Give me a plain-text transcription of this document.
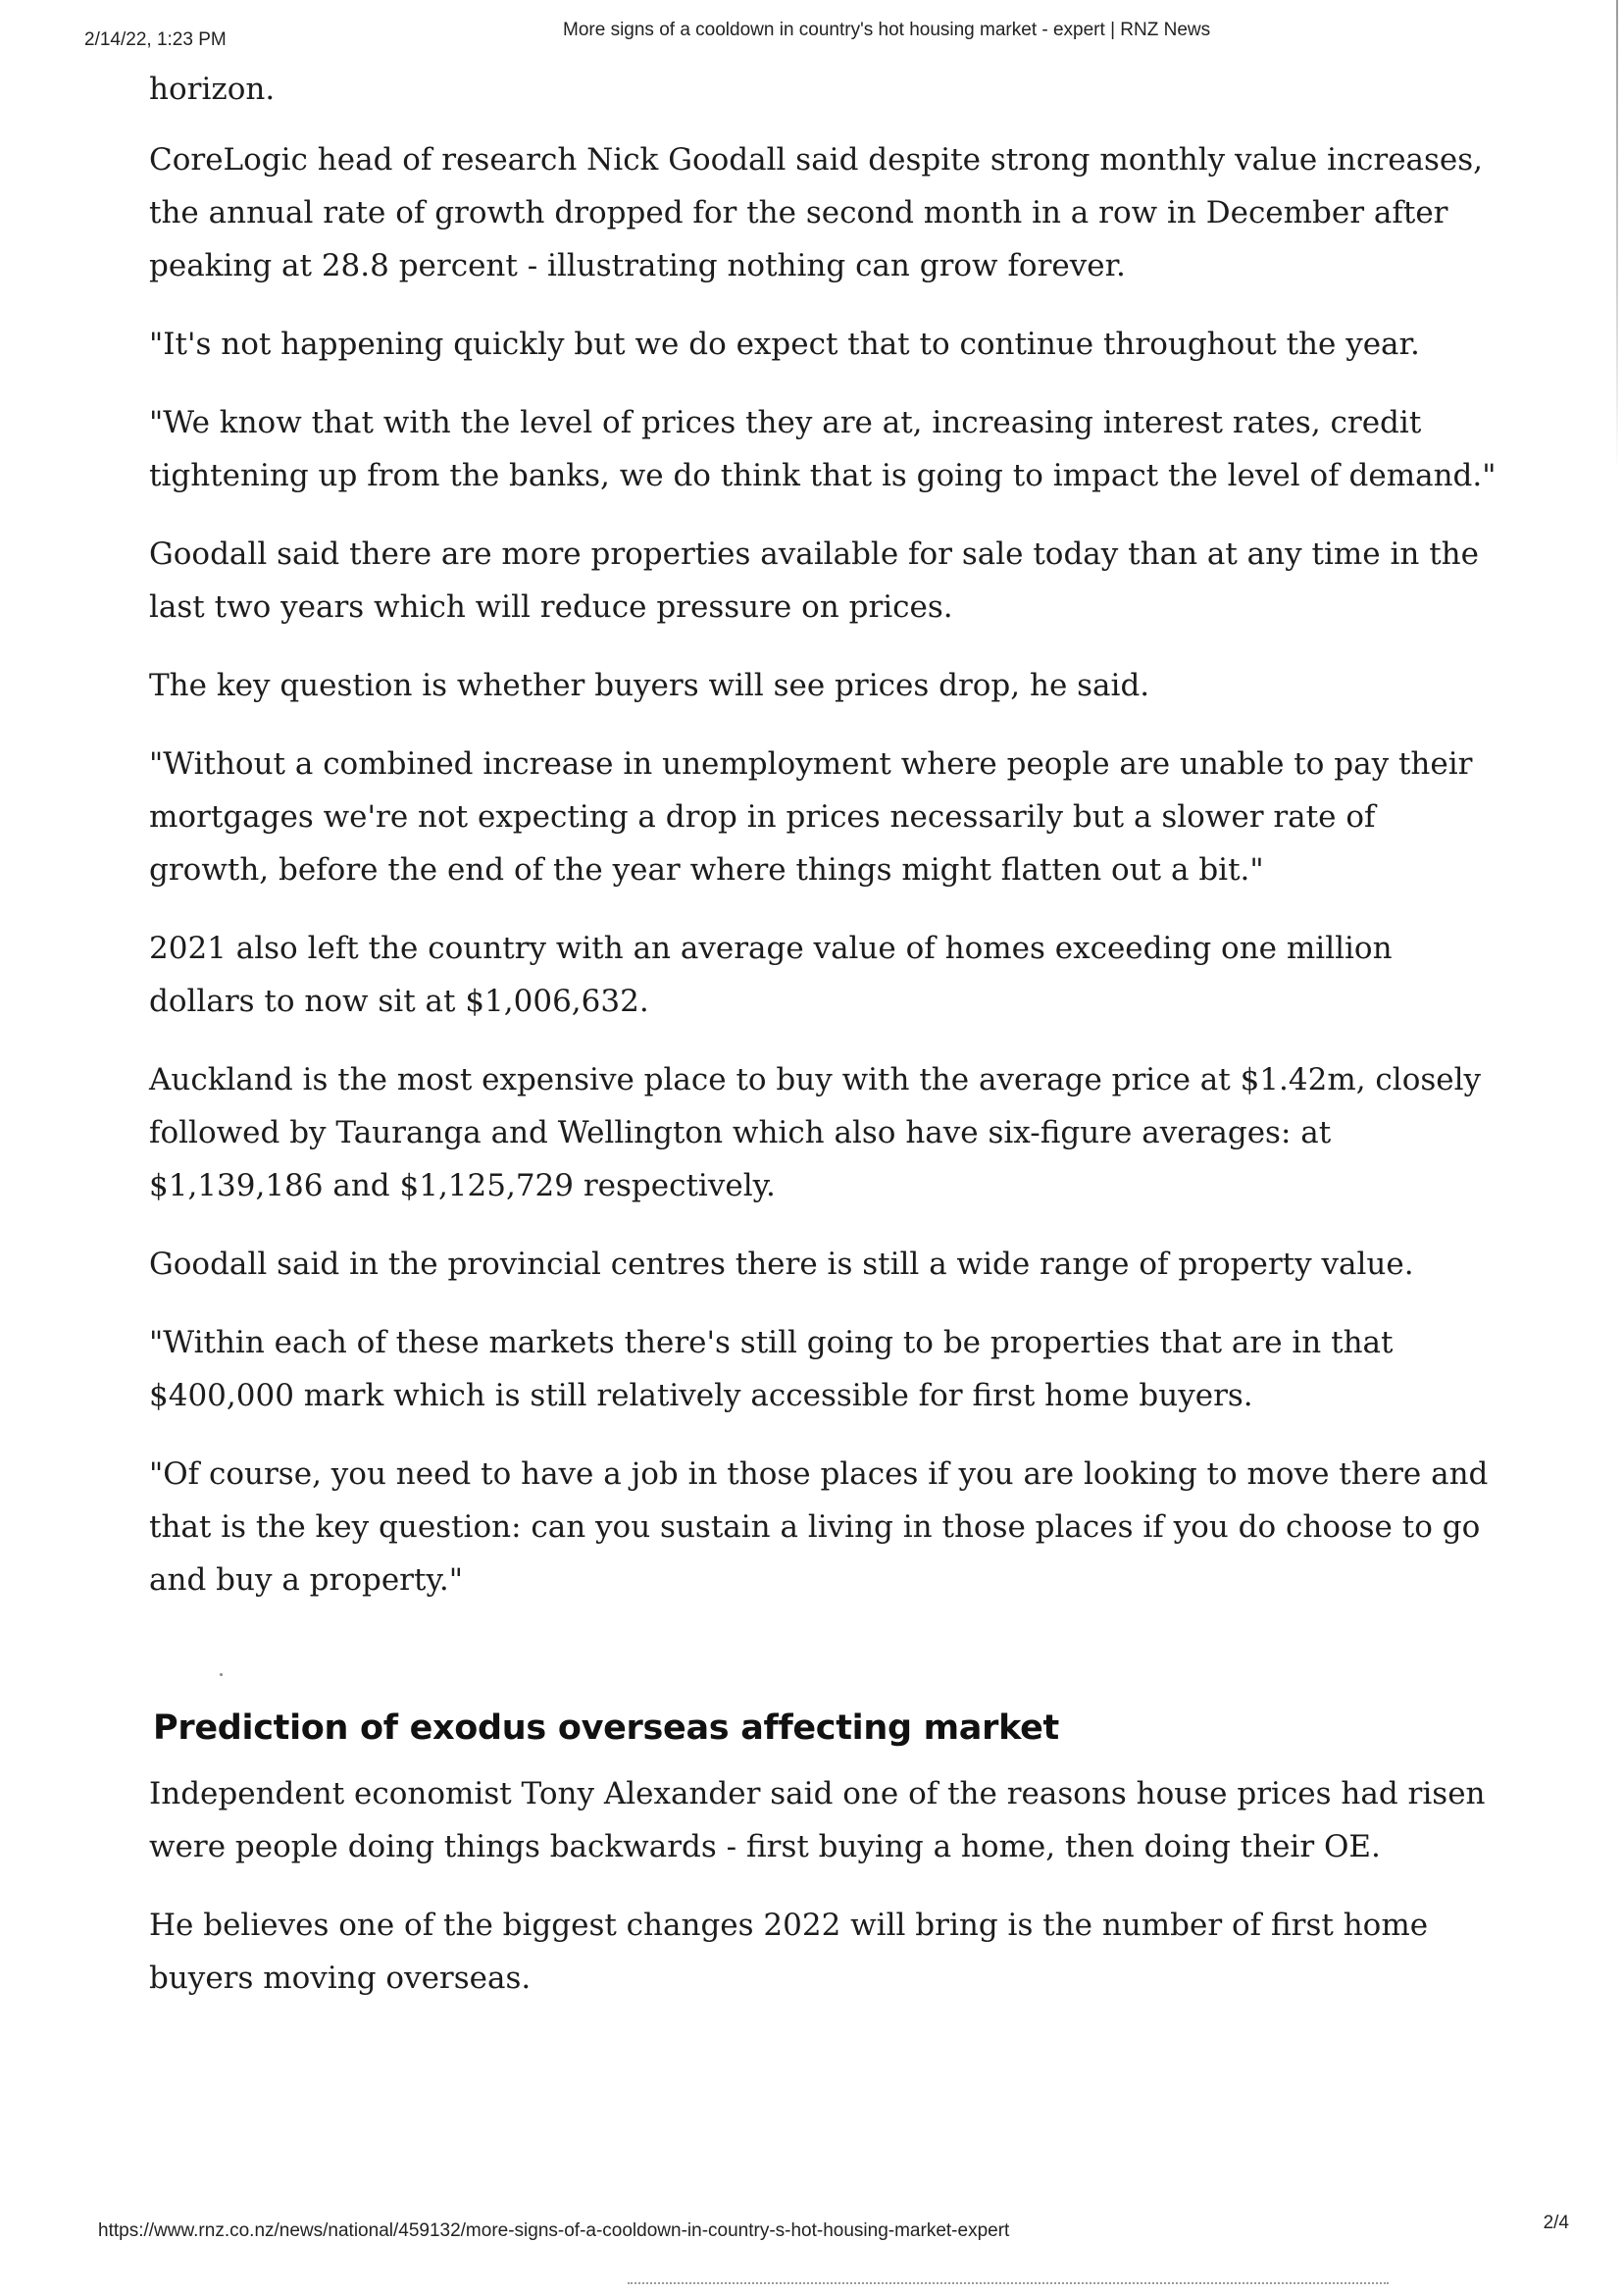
2/14/22, 1:23 PM	More signs of a cooldown in country's hot housing market - expert | RNZ News

horizon.

CoreLogic head of research Nick Goodall said despite strong monthly value increases, the annual rate of growth dropped for the second month in a row in December after peaking at 28.8 percent - illustrating nothing can grow forever.

"It's not happening quickly but we do expect that to continue throughout the year.

"We know that with the level of prices they are at, increasing interest rates, credit tightening up from the banks, we do think that is going to impact the level of demand."

Goodall said there are more properties available for sale today than at any time in the last two years which will reduce pressure on prices.

The key question is whether buyers will see prices drop, he said.

"Without a combined increase in unemployment where people are unable to pay their mortgages we're not expecting a drop in prices necessarily but a slower rate of growth, before the end of the year where things might flatten out a bit."

2021 also left the country with an average value of homes exceeding one million dollars to now sit at $1,006,632.

Auckland is the most expensive place to buy with the average price at $1.42m, closely followed by Tauranga and Wellington which also have six-figure averages: at $1,139,186 and $1,125,729 respectively.

Goodall said in the provincial centres there is still a wide range of property value.

"Within each of these markets there's still going to be properties that are in that $400,000 mark which is still relatively accessible for first home buyers.

"Of course, you need to have a job in those places if you are looking to move there and that is the key question: can you sustain a living in those places if you do choose to go and buy a property."

Prediction of exodus overseas affecting market

Independent economist Tony Alexander said one of the reasons house prices had risen were people doing things backwards - first buying a home, then doing their OE.

He believes one of the biggest changes 2022 will bring is the number of first home buyers moving overseas.

https://www.rnz.co.nz/news/national/459132/more-signs-of-a-cooldown-in-country-s-hot-housing-market-expert	2/4
